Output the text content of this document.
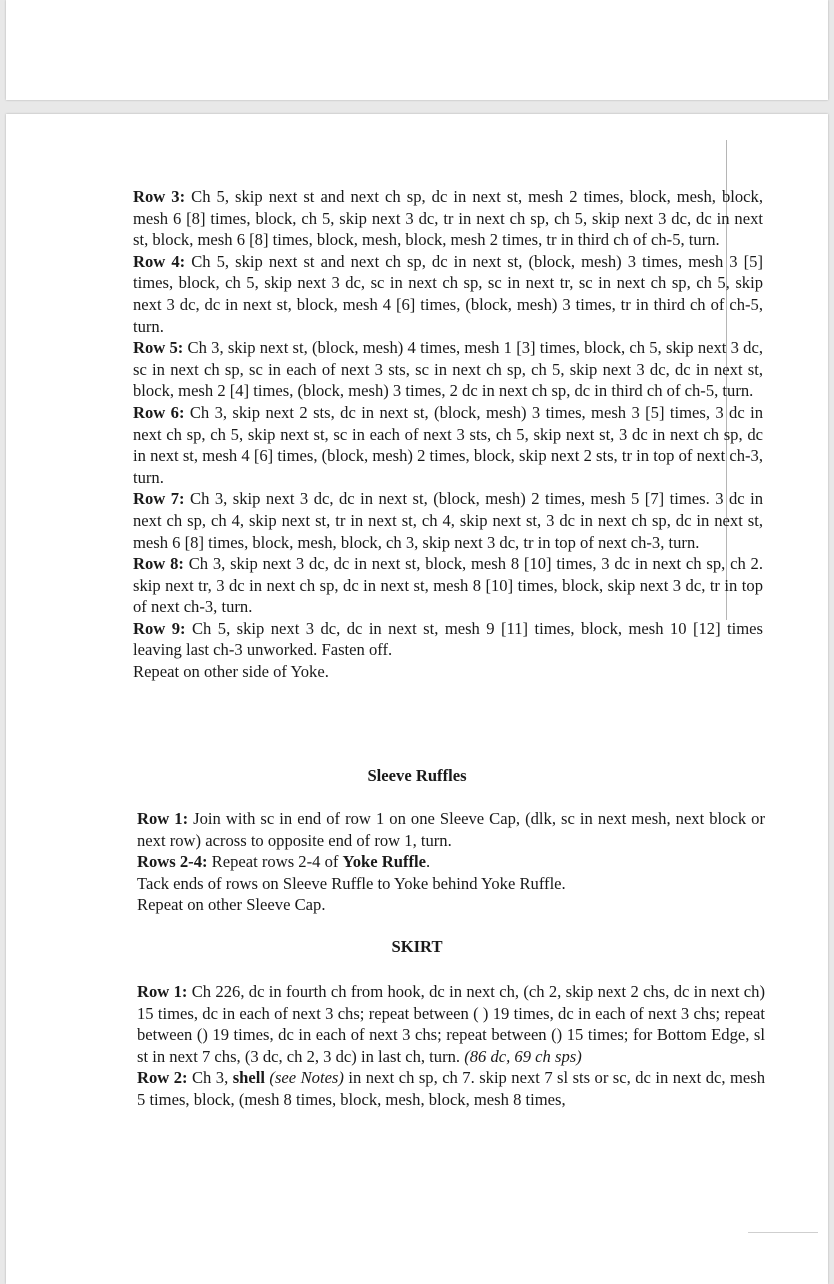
Row 3: Ch 5, skip next st and next ch sp, dc in next st, mesh 2 times, block, mesh, block, mesh 6 [8] times, block, ch 5, skip next 3 dc, tr in next ch sp, ch 5, skip next 3 dc, dc in next st, block, mesh 6 [8] times, block, mesh, block, mesh 2 times, tr in third ch of ch-5, turn.
Row 4: Ch 5, skip next st and next ch sp, dc in next st, (block, mesh) 3 times, mesh 3 [5] times, block, ch 5, skip next 3 dc, sc in next ch sp, sc in next tr, sc in next ch sp, ch 5, skip next 3 dc, dc in next st, block, mesh 4 [6] times, (block, mesh) 3 times, tr in third ch of ch-5, turn.
Row 5: Ch 3, skip next st, (block, mesh) 4 times, mesh 1 [3] times, block, ch 5, skip next 3 dc, sc in next ch sp, sc in each of next 3 sts, sc in next ch sp, ch 5, skip next 3 dc, dc in next st, block, mesh 2 [4] times, (block, mesh) 3 times, 2 dc in next ch sp, dc in third ch of ch-5, turn.
Row 6: Ch 3, skip next 2 sts, dc in next st, (block, mesh) 3 times, mesh 3 [5] times, 3 dc in next ch sp, ch 5, skip next st, sc in each of next 3 sts, ch 5, skip next st, 3 dc in next ch sp, dc in next st, mesh 4 [6] times, (block, mesh) 2 times, block, skip next 2 sts, tr in top of next ch-3, turn.
Row 7: Ch 3, skip next 3 dc, dc in next st, (block, mesh) 2 times, mesh 5 [7] times. 3 dc in next ch sp, ch 4, skip next st, tr in next st, ch 4, skip next st, 3 dc in next ch sp, dc in next st, mesh 6 [8] times, block, mesh, block, ch 3, skip next 3 dc, tr in top of next ch-3, turn.
Row 8: Ch 3, skip next 3 dc, dc in next st, block, mesh 8 [10] times, 3 dc in next ch sp, ch 2. skip next tr, 3 dc in next ch sp, dc in next st, mesh 8 [10] times, block, skip next 3 dc, tr in top of next ch-3, turn.
Row 9: Ch 5, skip next 3 dc, dc in next st, mesh 9 [11] times, block, mesh 10 [12] times leaving last ch-3 unworked. Fasten off.
Repeat on other side of Yoke.
Sleeve Ruffles
Row 1: Join with sc in end of row 1 on one Sleeve Cap, (dlk, sc in next mesh, next block or next row) across to opposite end of row 1, turn.
Rows 2-4: Repeat rows 2-4 of Yoke Ruffle.
Tack ends of rows on Sleeve Ruffle to Yoke behind Yoke Ruffle.
Repeat on other Sleeve Cap.
SKIRT
Row 1: Ch 226, dc in fourth ch from hook, dc in next ch, (ch 2, skip next 2 chs, dc in next ch) 15 times, dc in each of next 3 chs; repeat between ( ) 19 times, dc in each of next 3 chs; repeat between () 19 times, dc in each of next 3 chs; repeat between () 15 times; for Bottom Edge, sl st in next 7 chs, (3 dc, ch 2, 3 dc) in last ch, turn. (86 dc, 69 ch sps)
Row 2: Ch 3, shell (see Notes) in next ch sp, ch 7. skip next 7 sl sts or sc, dc in next dc, mesh 5 times, block, (mesh 8 times, block, mesh, block, mesh 8 times,
